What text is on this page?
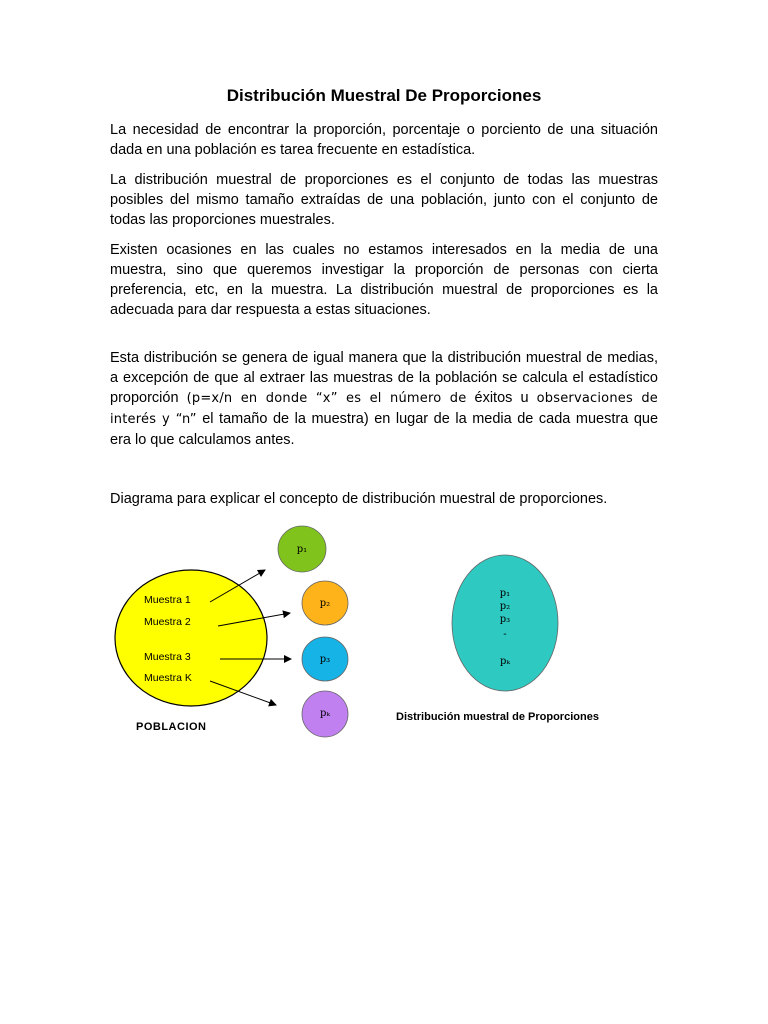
Distribución Muestral De Proporciones

La necesidad de encontrar la proporción, porcentaje o porciento de una situación dada en una población es tarea frecuente en estadística.

La distribución muestral de proporciones es el conjunto de todas las muestras posibles del mismo tamaño extraídas de una población, junto con el conjunto de todas las proporciones muestrales.

Existen ocasiones en las cuales no estamos interesados en la media de una muestra, sino que queremos investigar la proporción de personas con cierta preferencia, etc, en la muestra. La distribución muestral de proporciones es la adecuada para dar respuesta a estas situaciones.

Esta distribución se genera de igual manera que la distribución muestral de medias, a excepción de que al extraer las muestras de la población se calcula el estadístico proporción (p=x/n en donde “x” es el número de éxitos u observaciones de interés y “n” el tamaño de la muestra) en lugar de la media de cada muestra que era lo que calculamos antes.

Diagrama para explicar el concepto de distribución muestral de proporciones.

Muestra 1
Muestra 2
Muestra 3
Muestra K
POBLACION
p₁
p₂
p₃
pₖ
p₁
p₂
p₃
-
pₖ
Distribución muestral de Proporciones
